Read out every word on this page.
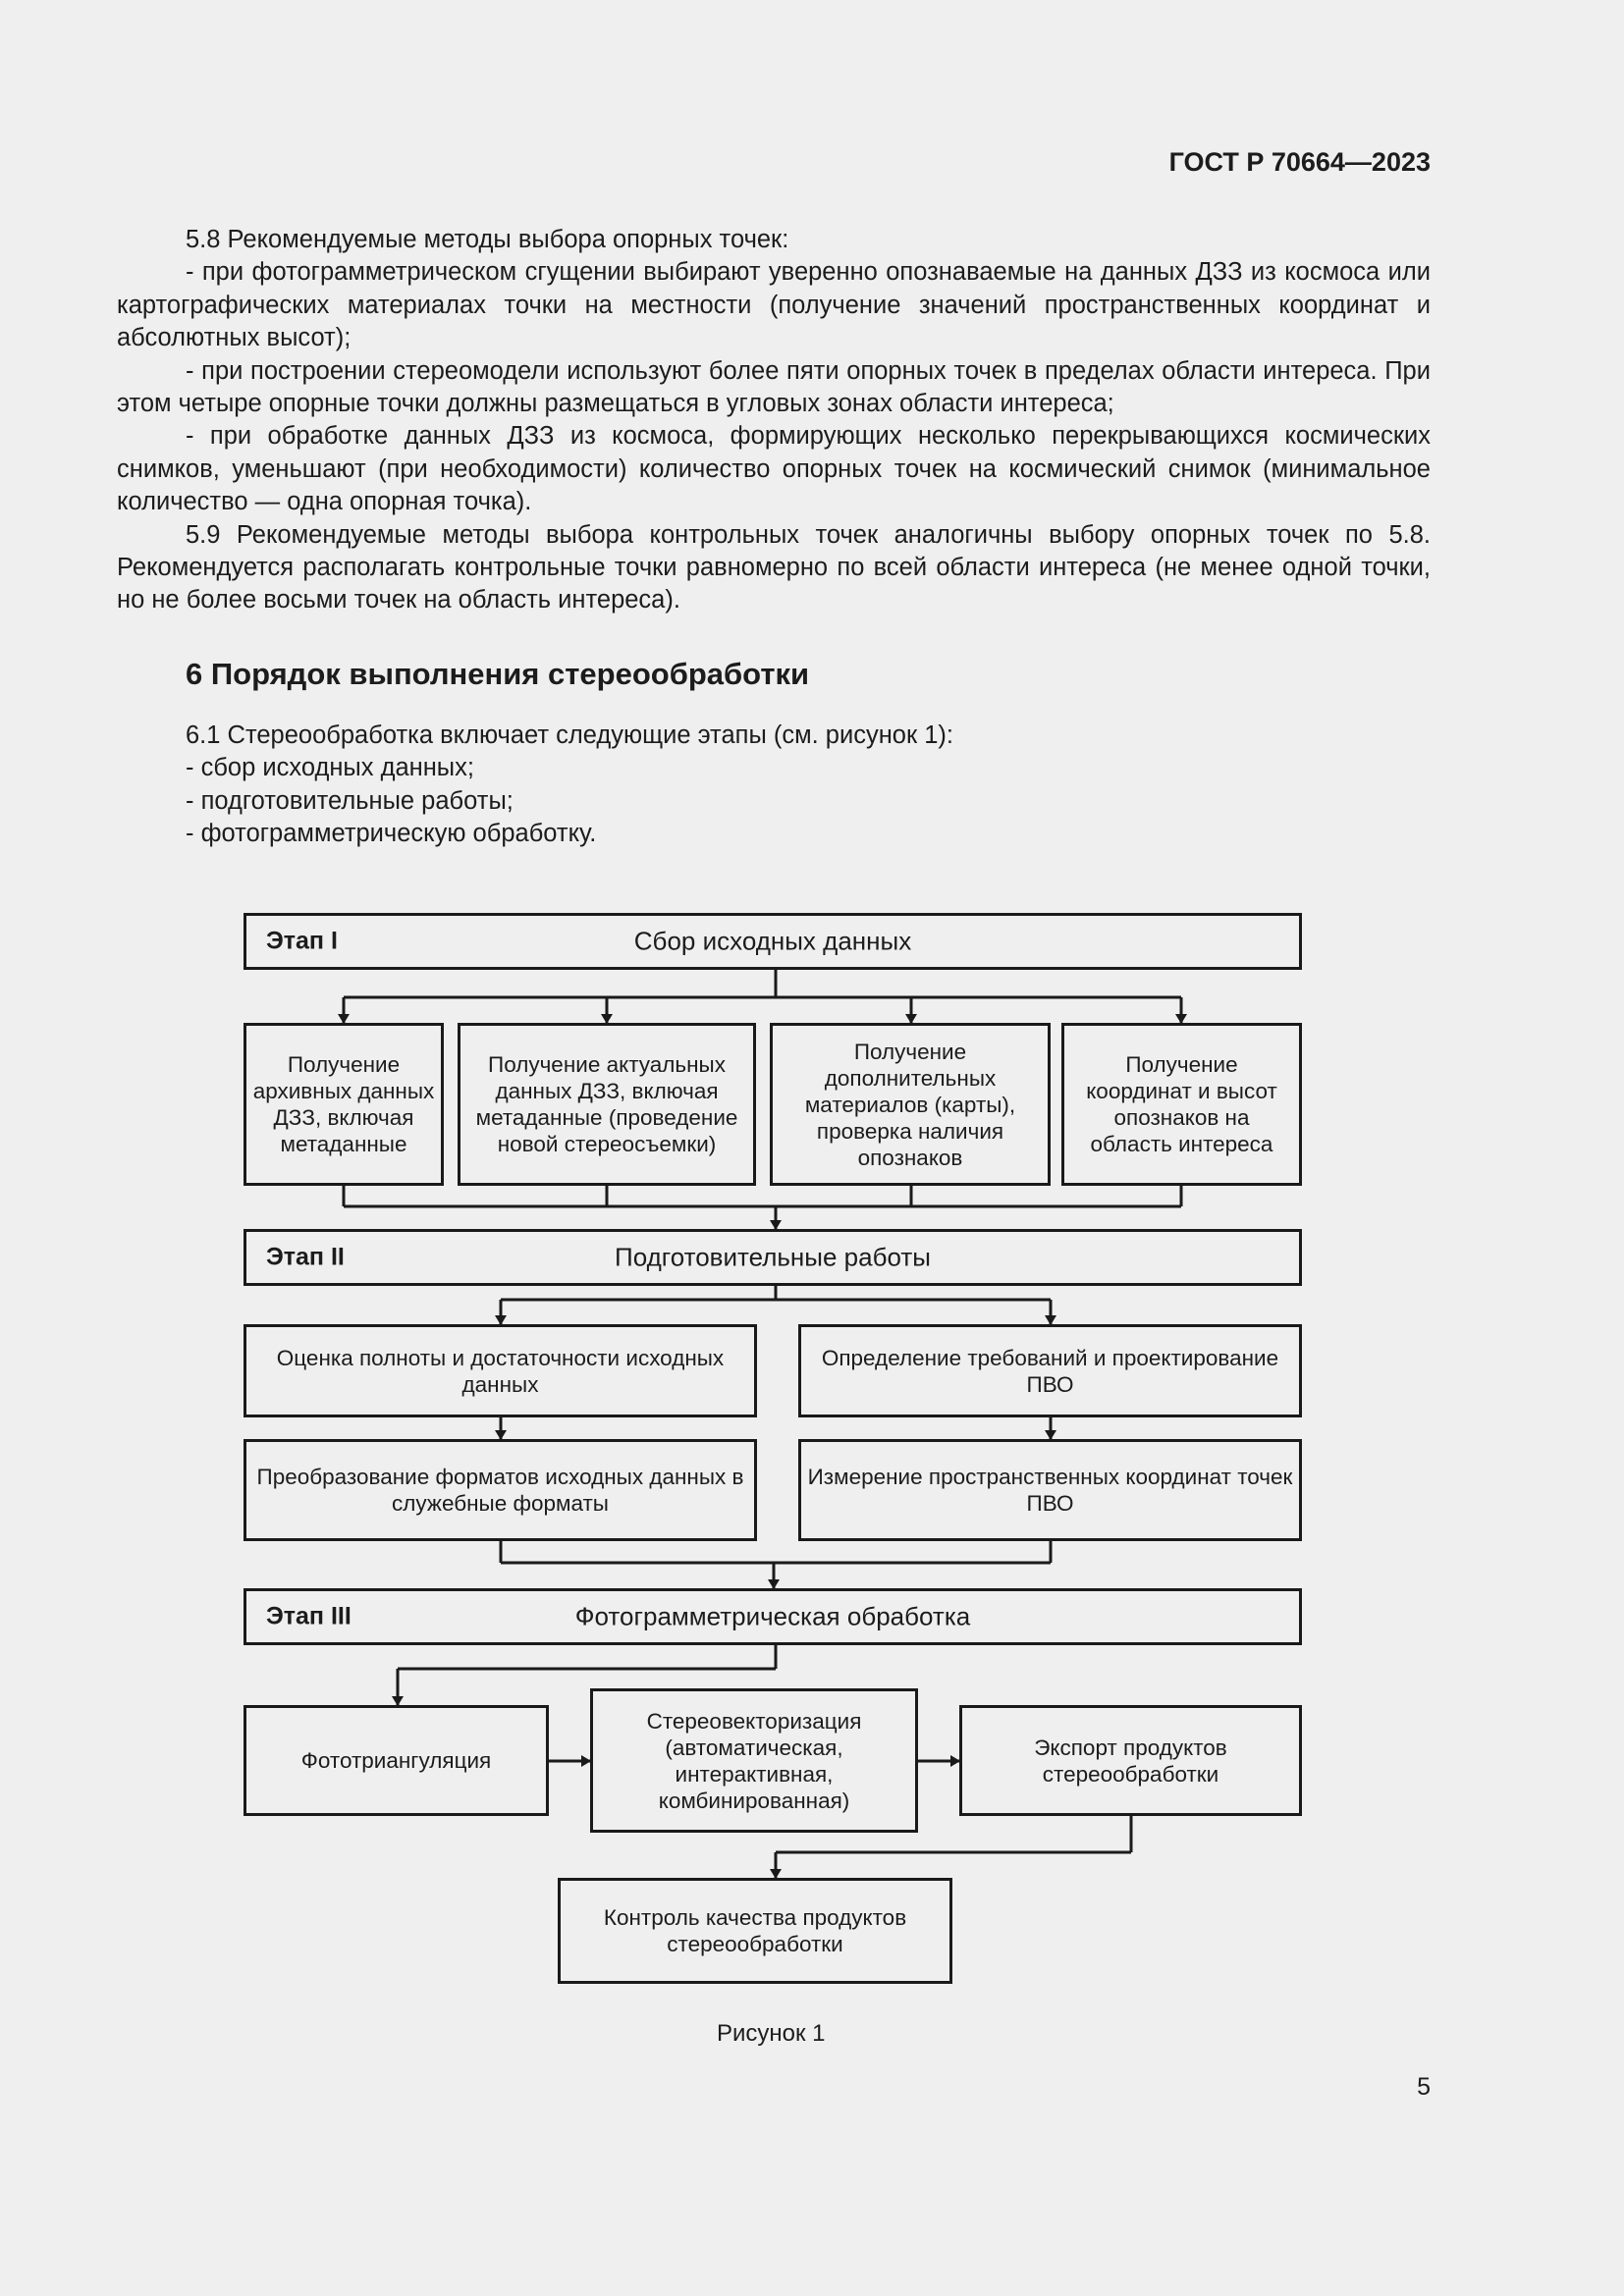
ГОСТ Р 70664—2023

5.8 Рекомендуемые методы выбора опорных точек:

- при фотограмметрическом сгущении выбирают уверенно опознаваемые на данных ДЗЗ из космоса или картографических материалах точки на местности (получение значений пространственных координат и абсолютных высот);

- при построении стереомодели используют более пяти опорных точек в пределах области интереса. При этом четыре опорные точки должны размещаться в угловых зонах области интереса;

- при обработке данных ДЗЗ из космоса, формирующих несколько перекрывающихся космических снимков, уменьшают (при необходимости) количество опорных точек на космический снимок (минимальное количество — одна опорная точка).

5.9 Рекомендуемые методы выбора контрольных точек аналогичны выбору опорных точек по 5.8. Рекомендуется располагать контрольные точки равномерно по всей области интереса (не менее одной точки, но не более восьми точек на область интереса).

6 Порядок выполнения стереообработки

6.1 Стереообработка включает следующие этапы (см. рисунок 1):

- сбор исходных данных;

- подготовительные работы;

- фотограмметрическую обработку.

Этап I	Сбор исходных данных
Получение архивных данных ДЗЗ, включая метаданные
Получение актуальных данных ДЗЗ, включая метаданные (проведение новой стереосъемки)
Получение дополнительных материалов (карты), проверка наличия опознаков
Получение координат и высот опознаков на область интереса
Этап II	Подготовительные работы
Оценка полноты и достаточности исходных данных
Определение требований и проектирование ПВО
Преобразование форматов исходных данных в служебные форматы
Измерение пространственных координат точек ПВО
Этап III	Фотограмметрическая обработка
Фототриангуляция
Стереовекторизация (автоматическая, интерактивная, комбинированная)
Экспорт продуктов стереообработки
Контроль качества продуктов стереообработки
Рисунок 1
5
